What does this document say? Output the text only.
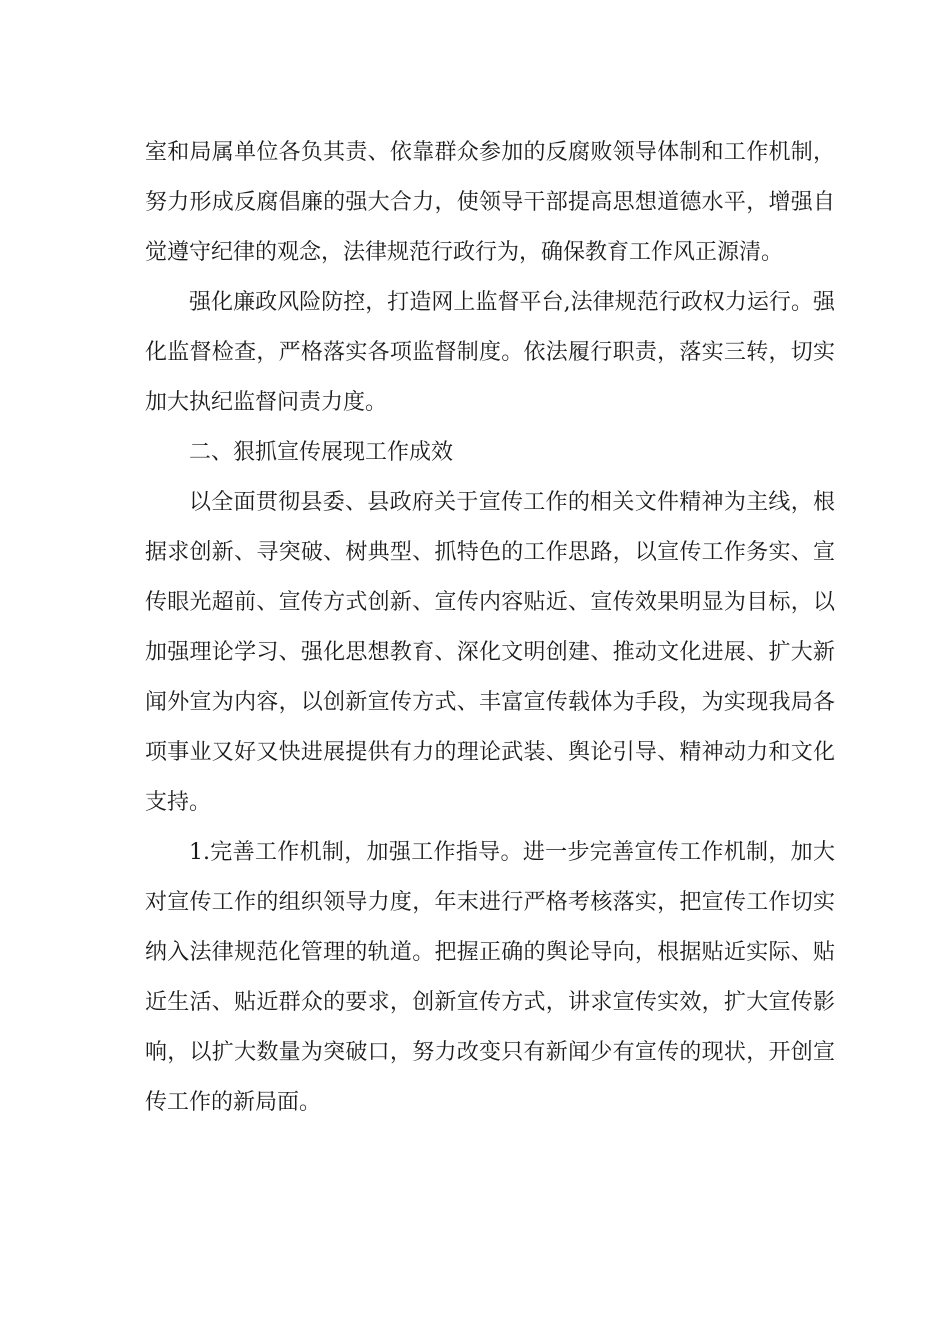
室和局属单位各负其责、依靠群众参加的反腐败领导体制和工作机制，努力形成反腐倡廉的强大合力，使领导干部提高思想道德水平，增强自觉遵守纪律的观念，法律规范行政行为，确保教育工作风正源清。

强化廉政风险防控，打造网上监督平台,法律规范行政权力运行。强化监督检查，严格落实各项监督制度。依法履行职责，落实三转，切实加大执纪监督问责力度。

二、狠抓宣传展现工作成效

以全面贯彻县委、县政府关于宣传工作的相关文件精神为主线，根据求创新、寻突破、树典型、抓特色的工作思路，以宣传工作务实、宣传眼光超前、宣传方式创新、宣传内容贴近、宣传效果明显为目标，以加强理论学习、强化思想教育、深化文明创建、推动文化进展、扩大新闻外宣为内容，以创新宣传方式、丰富宣传载体为手段，为实现我局各项事业又好又快进展提供有力的理论武装、舆论引导、精神动力和文化支持。

1.完善工作机制，加强工作指导。进一步完善宣传工作机制，加大对宣传工作的组织领导力度，年末进行严格考核落实，把宣传工作切实纳入法律规范化管理的轨道。把握正确的舆论导向，根据贴近实际、贴近生活、贴近群众的要求，创新宣传方式，讲求宣传实效，扩大宣传影响，以扩大数量为突破口，努力改变只有新闻少有宣传的现状，开创宣传工作的新局面。
